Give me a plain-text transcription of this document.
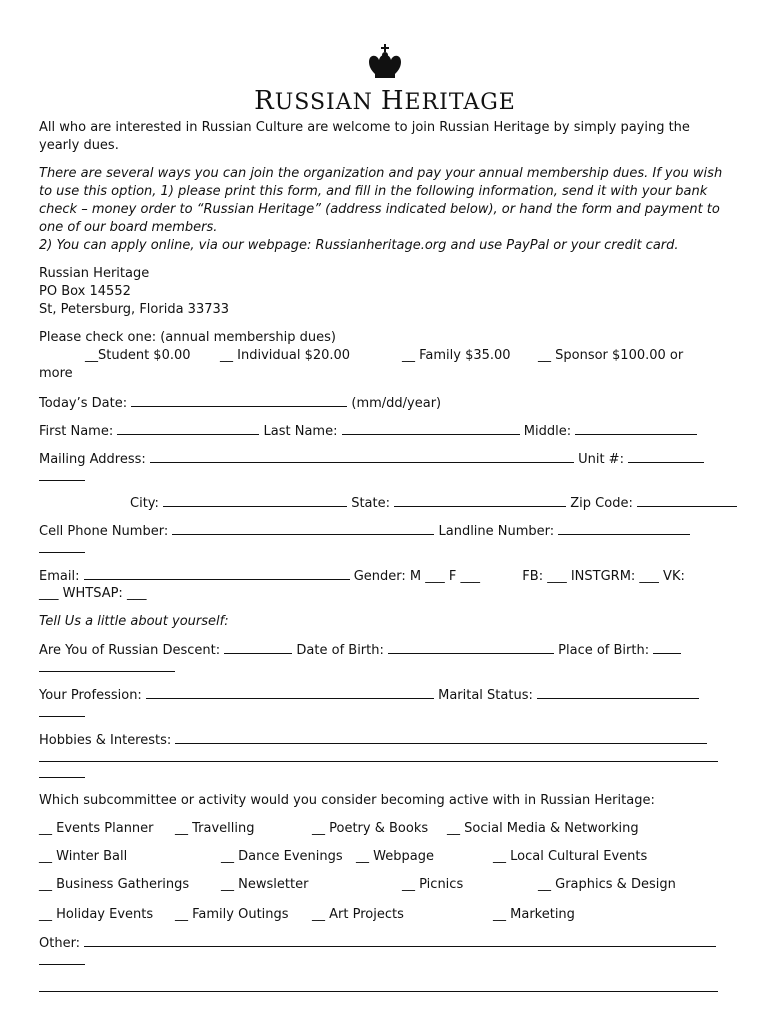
RUSSIAN HERITAGE
All who are interested in Russian Culture are welcome to join Russian Heritage by simply paying the yearly dues.
There are several ways you can join the organization and pay your annual membership dues. If you wish to use this option, 1) please print this form, and fill in the following information, send it with your bank check – money order to “Russian Heritage” (address indicated below), or hand the form and payment to one of our board members.
2) You can apply online, via our webpage: Russianheritage.org and use PayPal or your credit card.
Russian Heritage
PO Box 14552
St, Petersburg, Florida 33733
Please check one: (annual membership dues)
__Student $0.00 __ Individual $20.00	__ Family $35.00 __ Sponsor $100.00 or
more
Today’s Date:	(mm/dd/year)
First Name:	Last Name:	Middle:
Mailing Address:	Unit #:
City:	State:	Zip Code:
Cell Phone Number:	Landline Number:
Email:	Gender: M ___ F ___	FB: ___ INSTGRM: ___ VK:
___ WHTSAP: ___
Tell Us a little about yourself:
Are You of Russian Descent:	Date of Birth:	Place of Birth:
Your Profession:	Marital Status:
Hobbies & Interests:
Which subcommittee or activity would you consider becoming active with in Russian Heritage:
__ Events Planner __ Travelling	__ Poetry & Books __ Social Media & Networking
__ Winter Ball	__ Dance Evenings __ Webpage	__ Local Cultural Events
__ Business Gatherings __ Newsletter	__ Picnics	__ Graphics & Design
__ Holiday Events __ Family Outings __ Art Projects	__ Marketing
Other:
